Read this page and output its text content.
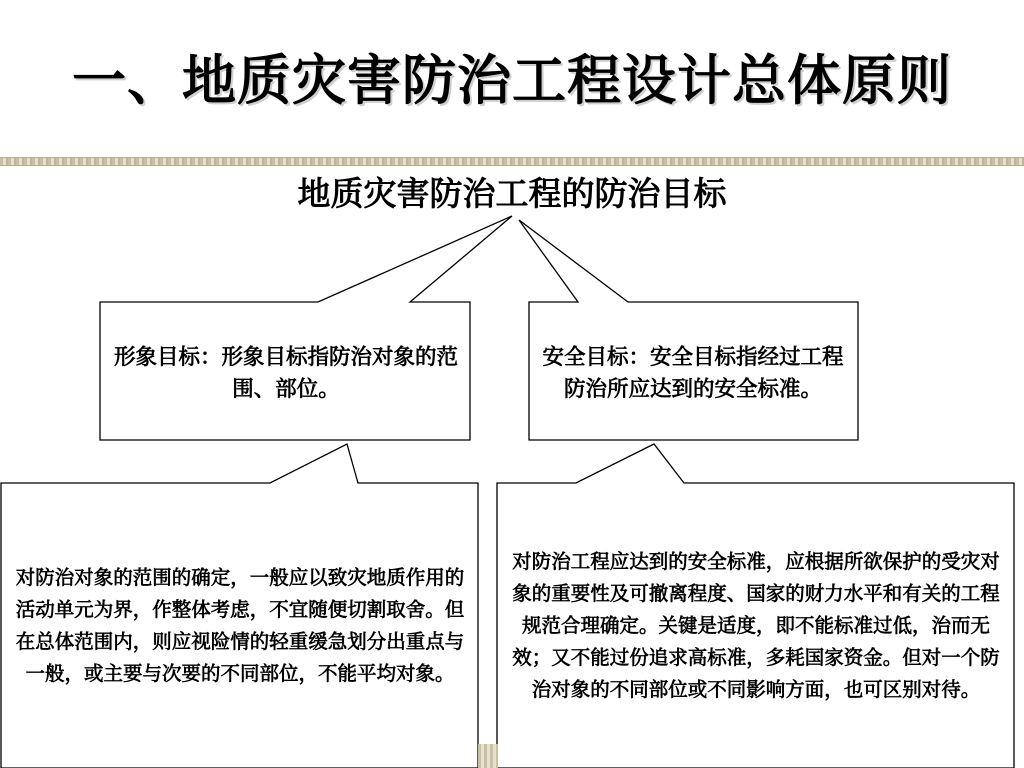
一、地质灾害防治工程设计总体原则
地质灾害防治工程的防治目标
形象目标：形象目标指防治对象的范围、部位。
安全目标：安全目标指经过工程防治所应达到的安全标准。
对防治对象的范围的确定，一般应以致灾地质作用的活动单元为界，作整体考虑，不宜随便切割取舍。但在总体范围内，则应视险情的轻重缓急划分出重点与一般，或主要与次要的不同部位，不能平均对象。
对防治工程应达到的安全标准，应根据所欲保护的受灾对象的重要性及可撤离程度、国家的财力水平和有关的工程规范合理确定。关键是适度，即不能标准过低，治而无效；又不能过份追求高标准，多耗国家资金。但对一个防治对象的不同部位或不同影响方面，也可区别对待。
